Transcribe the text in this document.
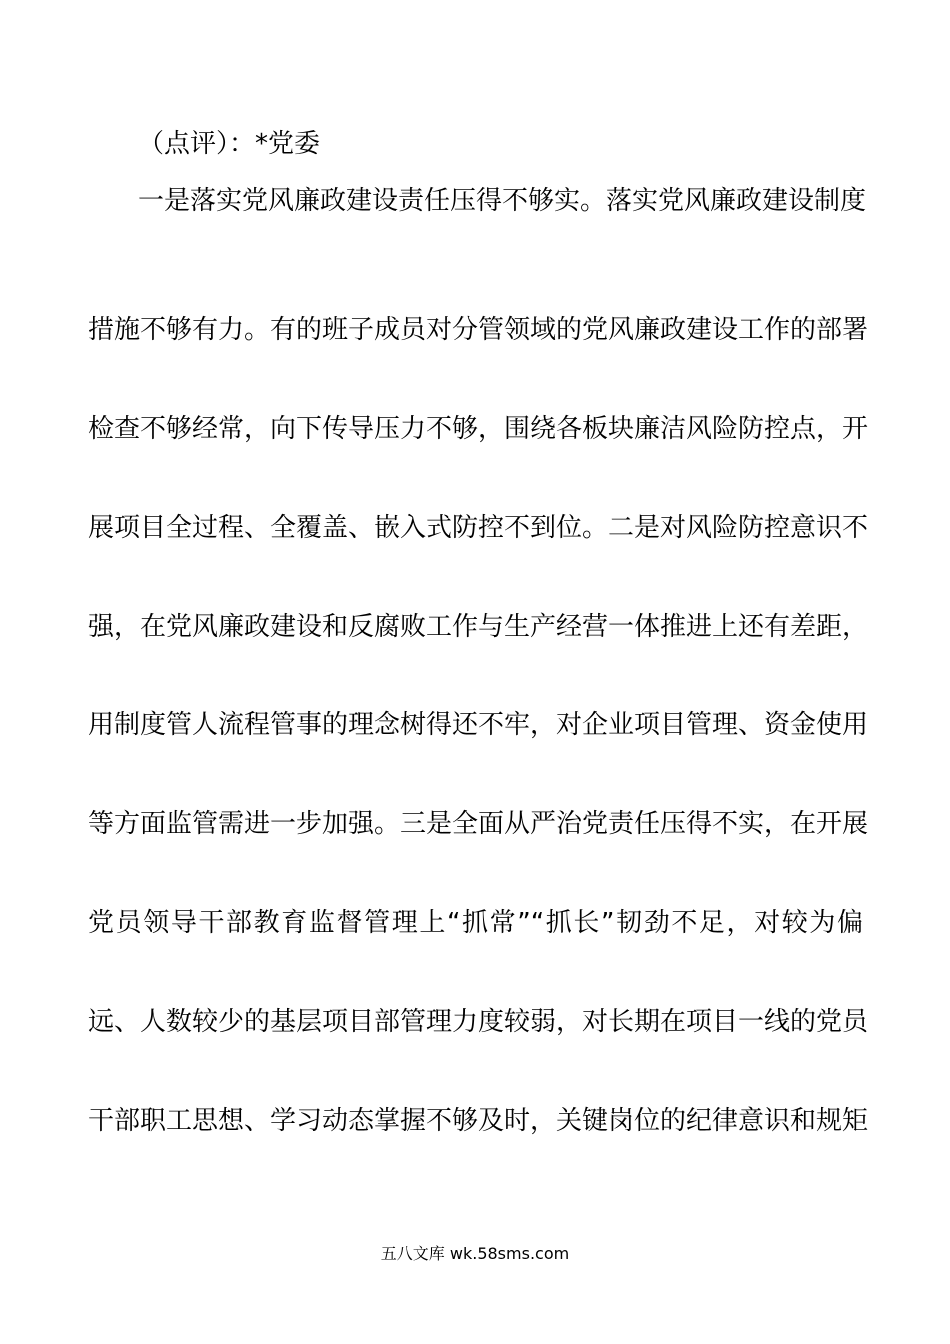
（点评）：*党委
一是落实党风廉政建设责任压得不够实。落实党风廉政建设制度
措施不够有力。有的班子成员对分管领域的党风廉政建设工作的部署
检查不够经常，向下传导压力不够，围绕各板块廉洁风险防控点，开
展项目全过程、全覆盖、嵌入式防控不到位。二是对风险防控意识不
强，在党风廉政建设和反腐败工作与生产经营一体推进上还有差距，
用制度管人流程管事的理念树得还不牢，对企业项目管理、资金使用
等方面监管需进一步加强。三是全面从严治党责任压得不实，在开展
党员领导干部教育监督管理上“抓常”“抓长”韧劲不足，对较为偏
远、人数较少的基层项目部管理力度较弱，对长期在项目一线的党员
干部职工思想、学习动态掌握不够及时，关键岗位的纪律意识和规矩
五八文库 wk.58sms.com
